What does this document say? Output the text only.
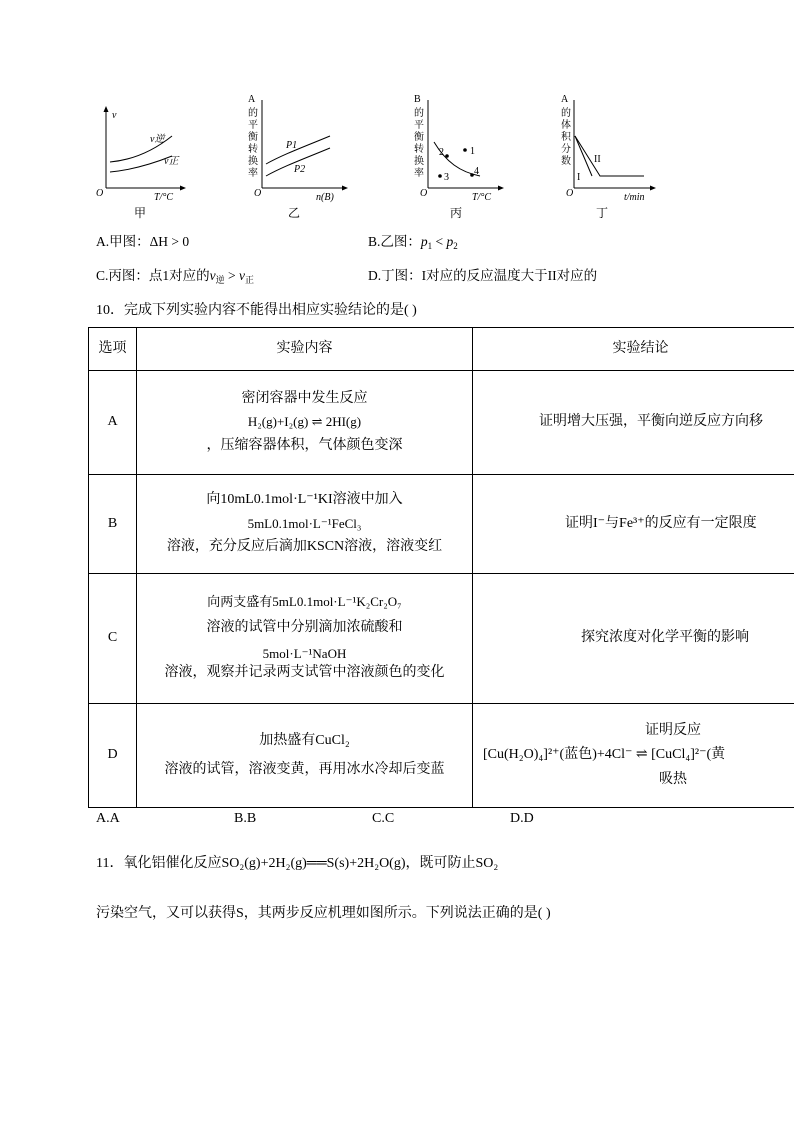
v
O	T/°C
v逆
v正
甲
A
的
平
衡
转
换
率
O	n(B)
P1
P2
乙
B
的
平
衡
转
换
率
O	T/°C
1
2
3
4
丙
A
的
体
积
分
数
O	t/min
II
I
丁
A.甲图：ΔH > 0	B.乙图：$p_1 < p_2$
C.丙图：点1对应的$v_逆 > v_正$	D.丁图：I对应的反应温度大于II对应的
10．完成下列实验内容不能得出相应实验结论的是( )
选项	实验内容	实验结论
A	密闭容器中发生反应
H₂(g)+I₂(g) ⇌ 2HI(g)
，压缩容器体积，气体颜色变深	证明增大压强，平衡向逆反应方向移

B	向10mL0.1mol·L⁻¹KI溶液中加入
5mL0.1mol·L⁻¹FeCl₃
溶液，充分反应后滴加KSCN溶液，溶液变红	证明I⁻与Fe³⁺的反应有一定限度

C	向两支盛有5mL0.1mol·L⁻¹K₂Cr₂O₇
溶液的试管中分别滴加浓硫酸和
5mol·L⁻¹NaOH
溶液，观察并记录两支试管中溶液颜色的变化	探究浓度对化学平衡的影响

D	加热盛有CuCl₂
溶液的试管，溶液变黄，再用冰水冷却后变蓝	证明反应
[Cu(H₂O)₄]²⁺(蓝色)+4Cl⁻ ⇌ [CuCl₄]²⁻(黄
吸热
A.A	B.B	C.C	D.D
11．氧化铝催化反应SO₂(g)+2H₂(g)══S(s)+2H₂O(g)，既可防止SO₂
污染空气，又可以获得S，其两步反应机理如图所示。下列说法正确的是( )
